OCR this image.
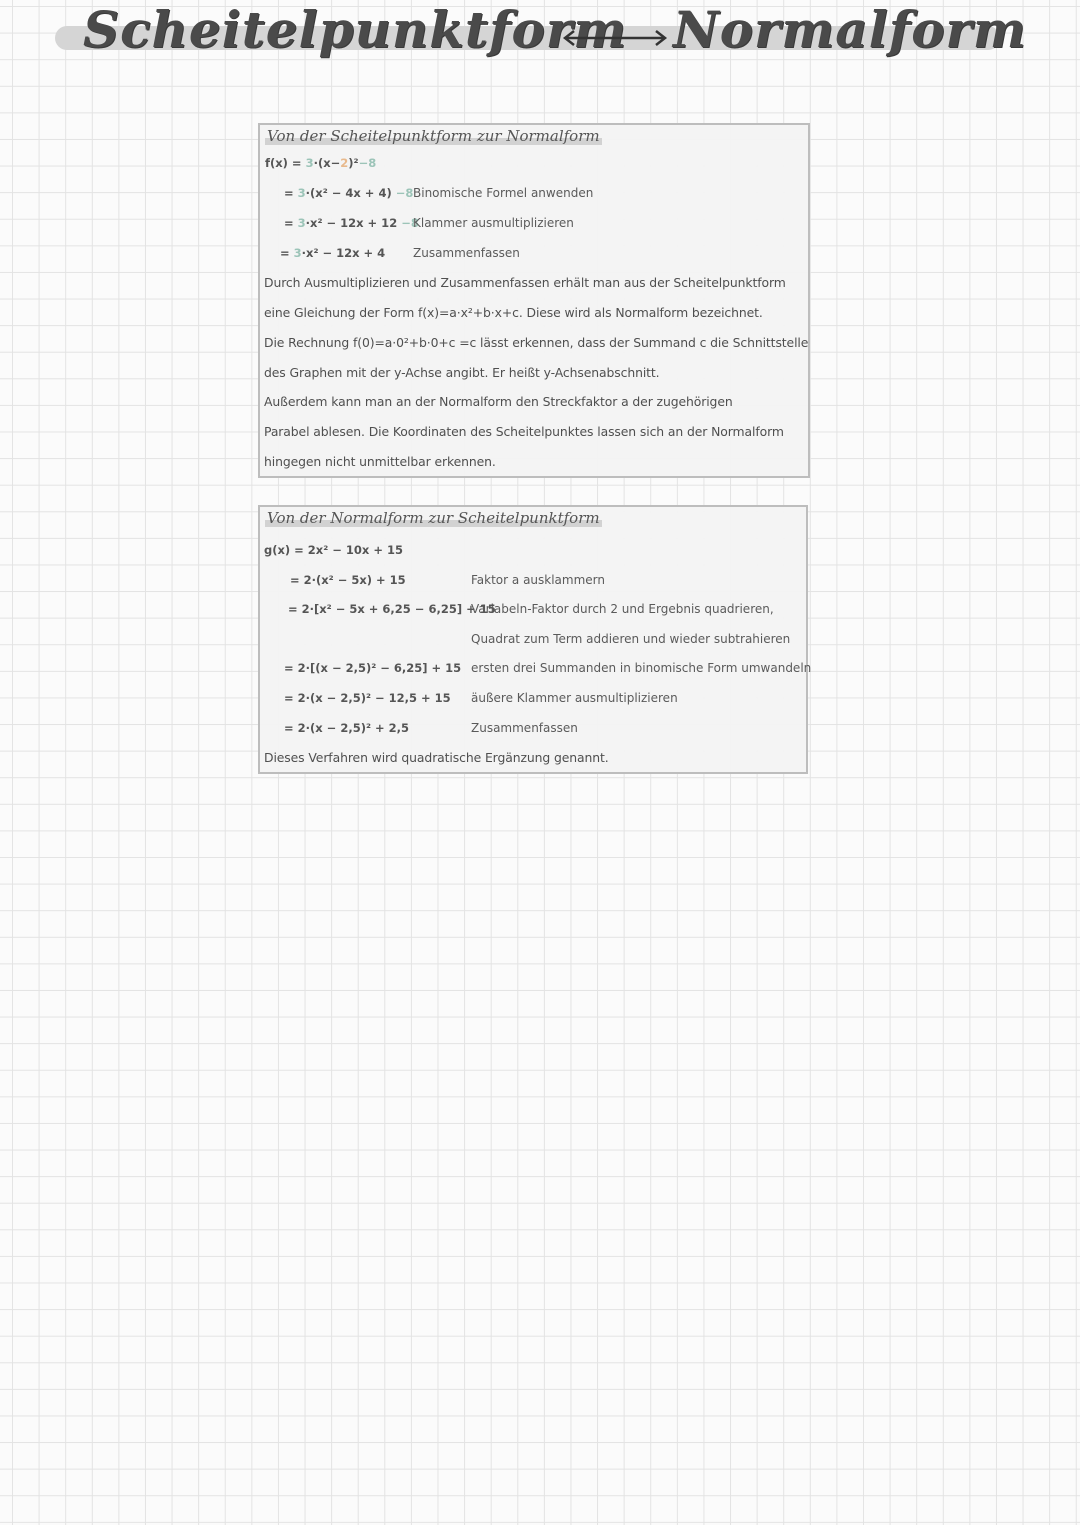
Scheitelpunktform Normalform
Von der Scheitelpunktform zur Normalform
f(x) = 3·(x−2)²−8
= 3·(x² − 4x + 4) −8 Binomische Formel anwenden
= 3·x² − 12x + 12 −8
Klammer ausmultiplizieren
= 3·x² − 12x + 4 Zusammenfassen
Durch Ausmultiplizieren und Zusammenfassen erhält man aus der Scheitelpunktform
eine Gleichung der Form f(x)=a·x²+b·x+c. Diese wird als Normalform bezeichnet.
Die Rechnung f(0)=a·0²+b·0+c =c lässt erkennen, dass der Summand c die Schnittstelle
des Graphen mit der y-Achse angibt. Er heißt y-Achsenabschnitt.
Außerdem kann man an der Normalform den Streckfaktor a der zugehörigen
Parabel ablesen. Die Koordinaten des Scheitelpunktes lassen sich an der Normalform
hingegen nicht unmittelbar erkennen.
Von der Normalform zur Scheitelpunktform
g(x) = 2x² − 10x + 15
= 2·(x² − 5x) + 15	Faktor a ausklammern
= 2·[x² − 5x + 6,25 − 6,25] + 15
Variabeln-Faktor durch 2 und Ergebnis quadrieren,
Quadrat zum Term addieren und wieder subtrahieren
= 2·[(x − 2,5)² − 6,25] + 15 ersten drei Summanden in binomische Form umwandeln
= 2·(x − 2,5)² − 12,5 + 15 äußere Klammer ausmultiplizieren
= 2·(x − 2,5)² + 2,5	Zusammenfassen
Dieses Verfahren wird quadratische Ergänzung genannt.
